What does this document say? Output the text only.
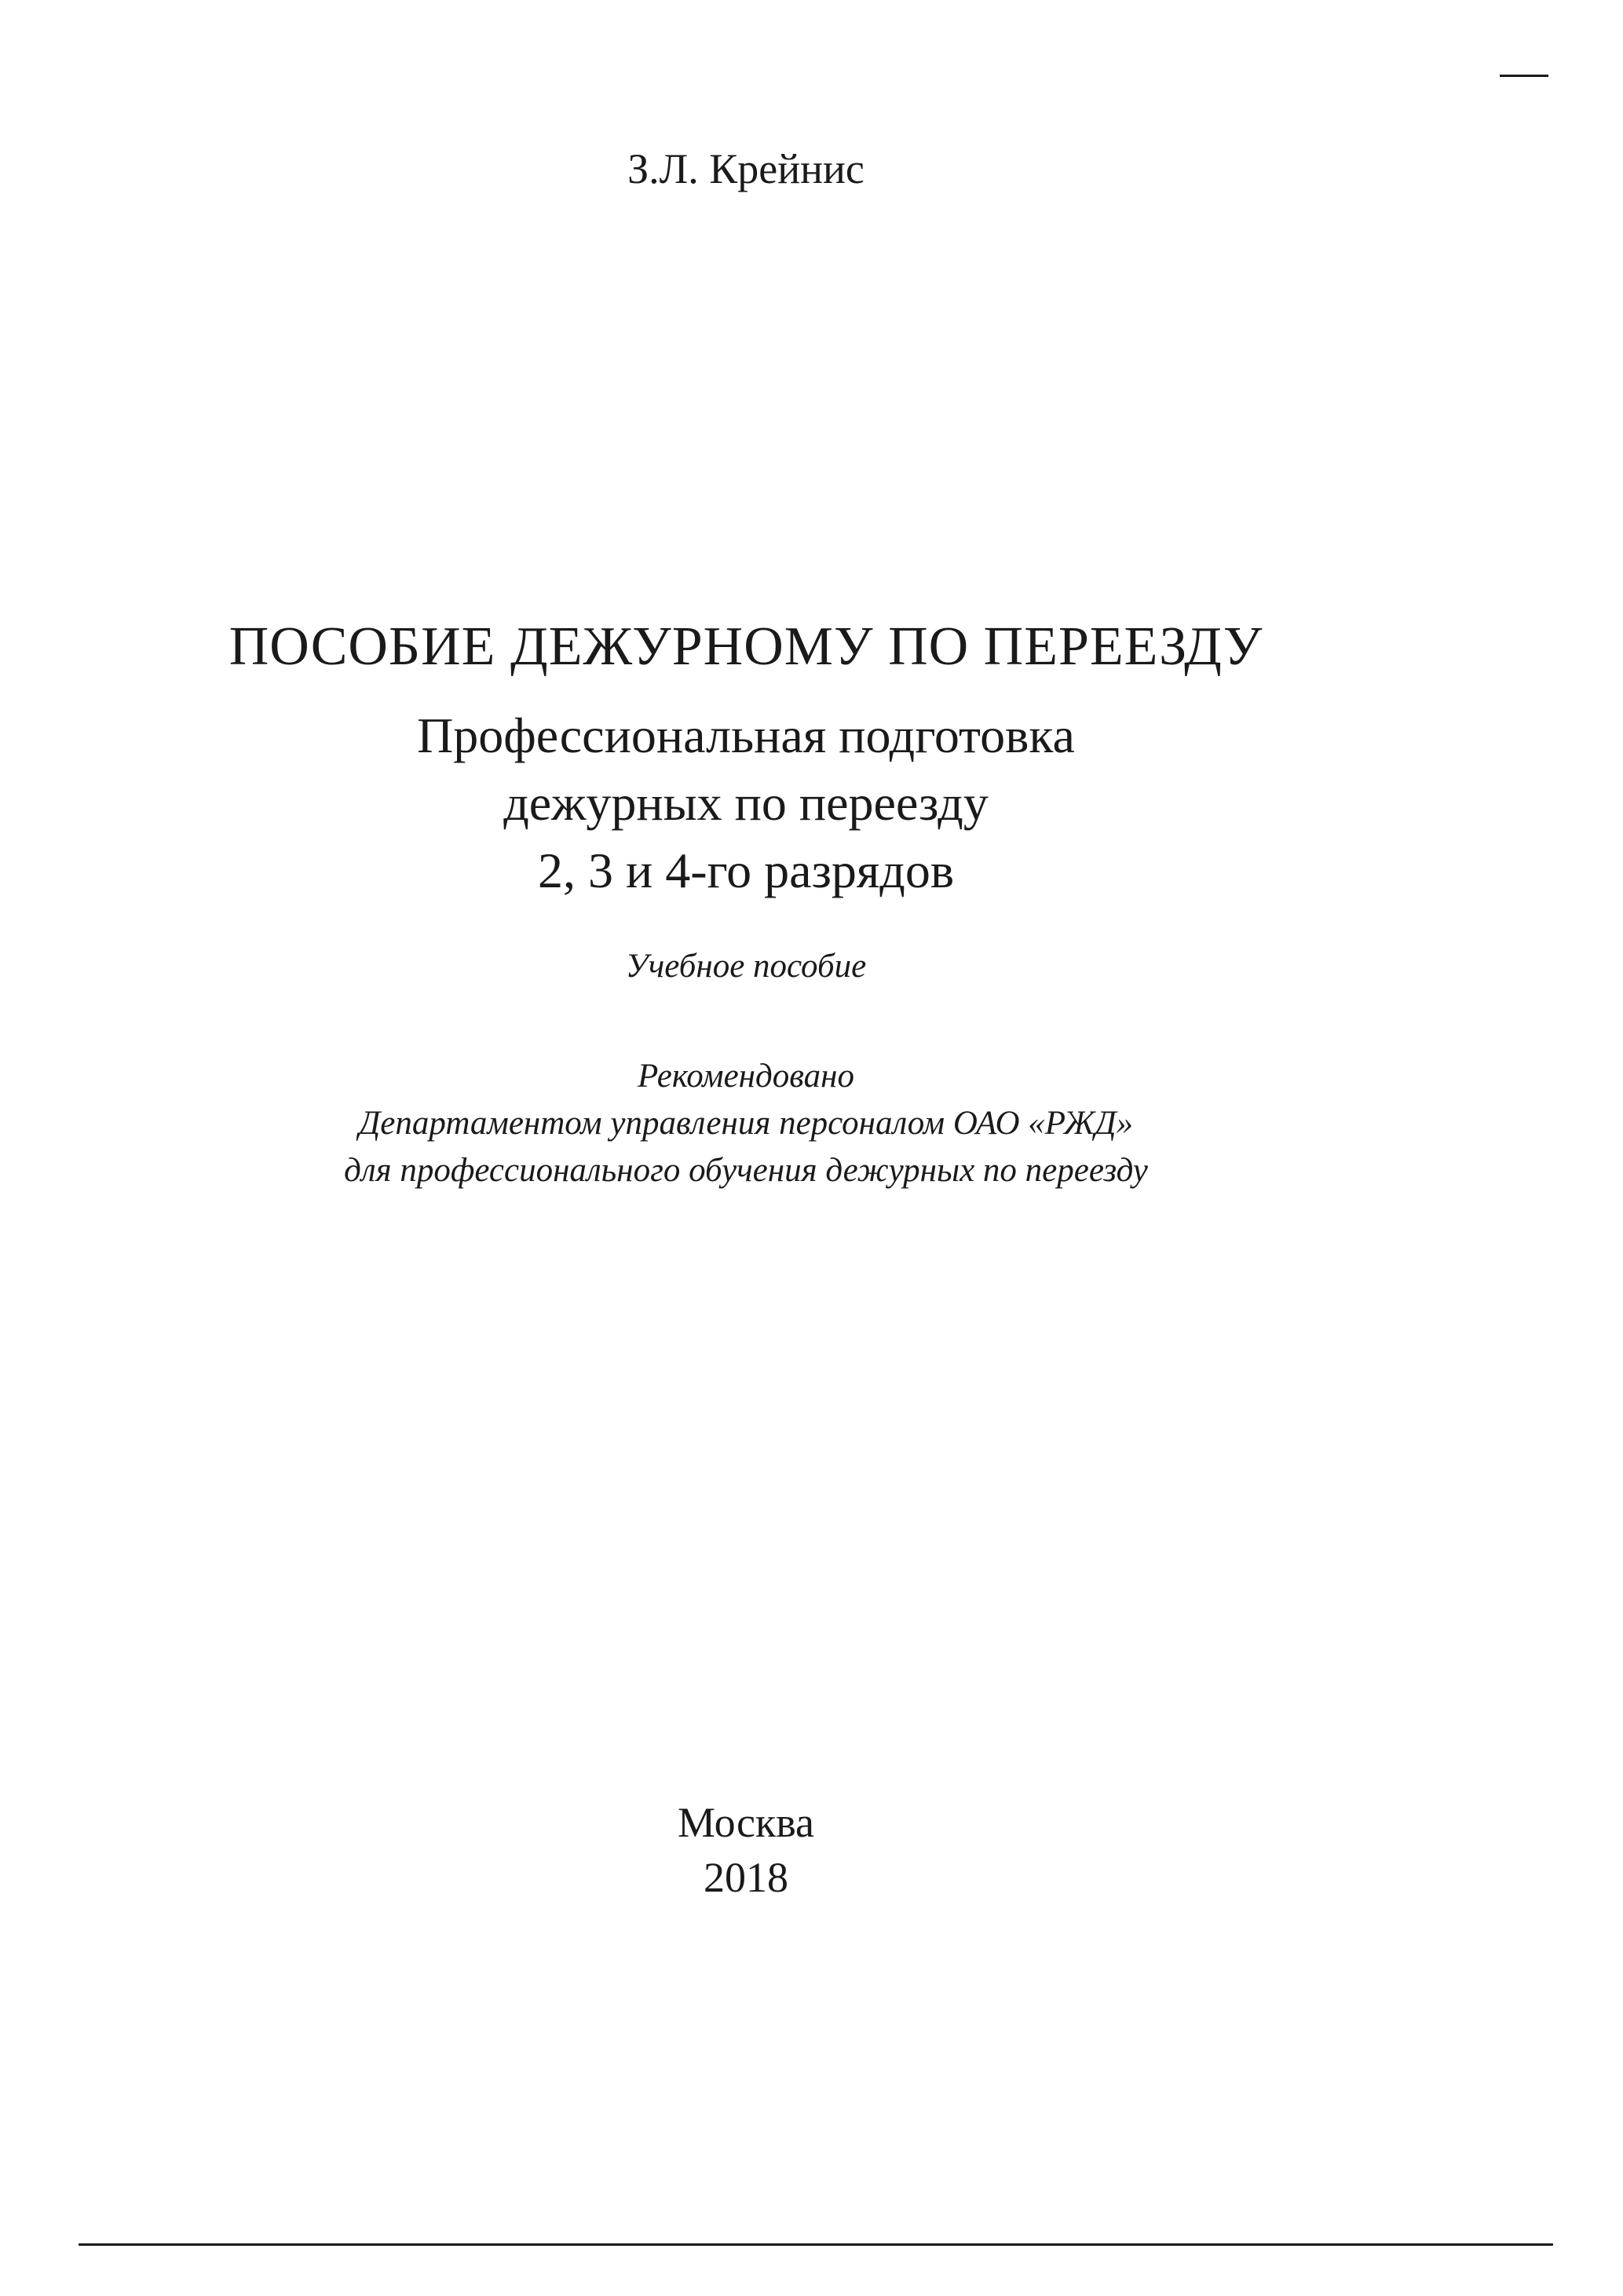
З.Л. Крейнис
ПОСОБИЕ ДЕЖУРНОМУ ПО ПЕРЕЕЗДУ
Профессиональная подготовка
дежурных по переезду
2, 3 и 4-го разрядов
Учебное пособие
Рекомендовано
Департаментом управления персоналом ОАО «РЖД»
для профессионального обучения дежурных по переезду
Москва
2018
